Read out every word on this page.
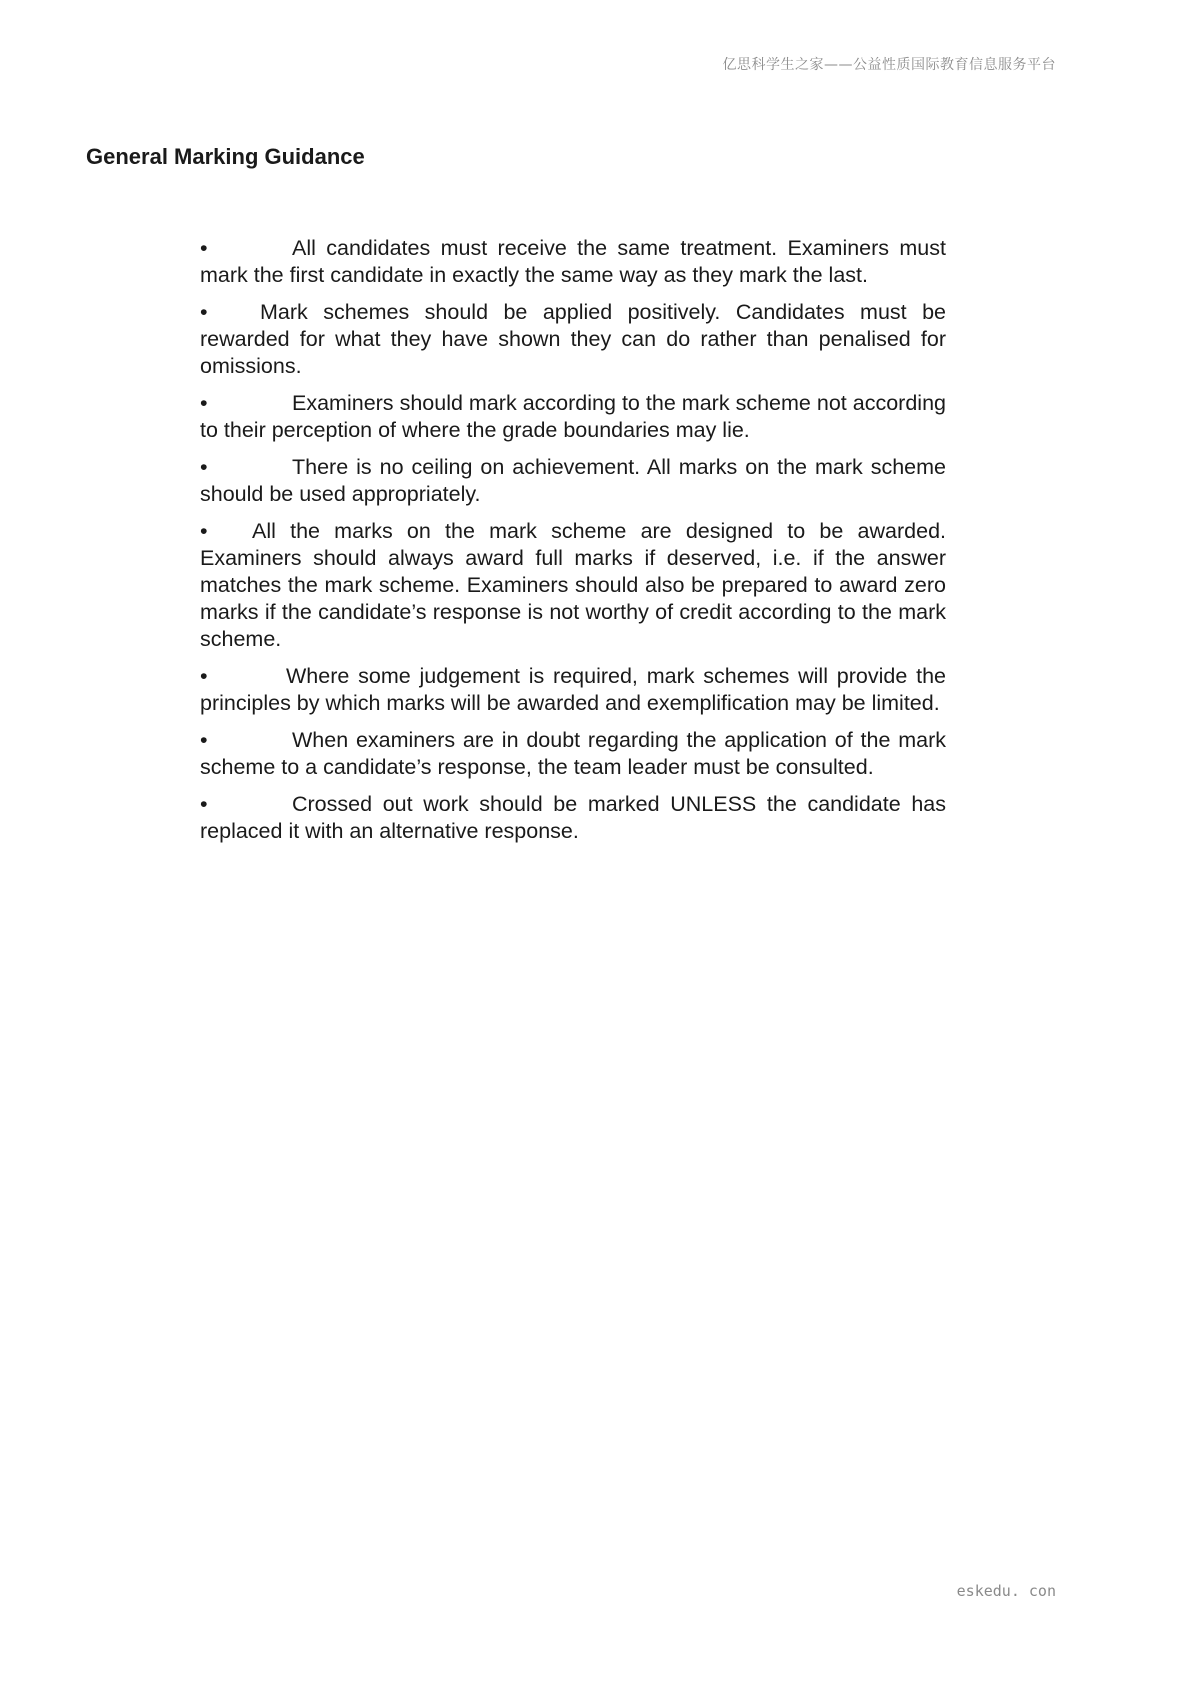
亿思科学生之家——公益性质国际教育信息服务平台
General Marking Guidance
•	All candidates must receive the same treatment. Examiners must mark the first candidate in exactly the same way as they mark the last.
• Mark schemes should be applied positively. Candidates must be rewarded for what they have shown they can do rather than penalised for omissions.
•	Examiners should mark according to the mark scheme not according to their perception of where the grade boundaries may lie.
•	There is no ceiling on achievement. All marks on the mark scheme should be used appropriately.
• All the marks on the mark scheme are designed to be awarded. Examiners should always award full marks if deserved, i.e. if the answer matches the mark scheme. Examiners should also be prepared to award zero marks if the candidate’s response is not worthy of credit according to the mark scheme.
•	Where some judgement is required, mark schemes will provide the principles by which marks will be awarded and exemplification may be limited.
•	When examiners are in doubt regarding the application of the mark scheme to a candidate’s response, the team leader must be consulted.
•	Crossed out work should be marked UNLESS the candidate has replaced it with an alternative response.
eskedu. con
